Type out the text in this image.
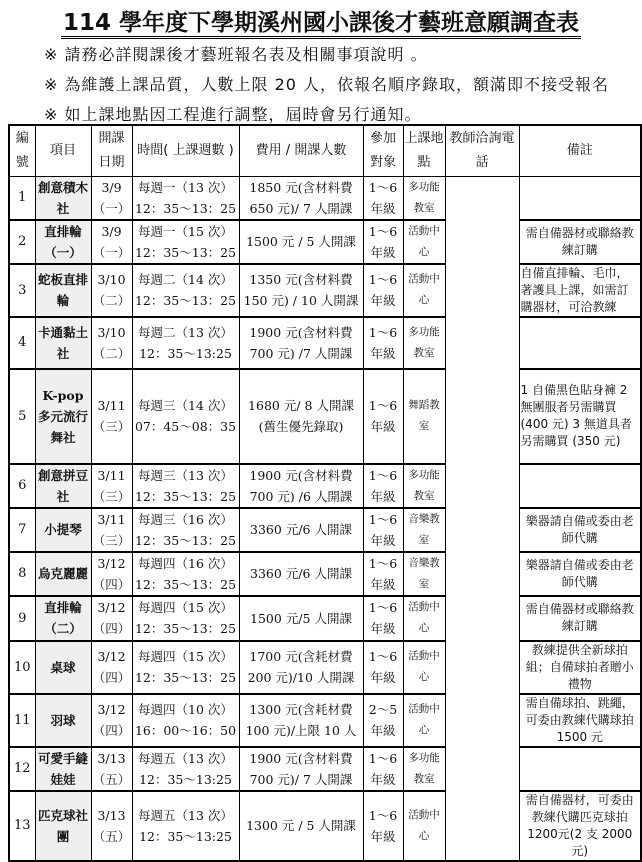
114 學年度下學期溪州國小課後才藝班意願調查表
※ 請務必詳閱課後才藝班報名表及相關事項說明 。
※ 為維護上課品質，人數上限 20 人，依報名順序錄取，額滿即不接受報名
※ 如上課地點因工程進行調整，屆時會另行通知。
編號	項目	開課日期	時間( 上課週數 )	費用 / 開課人數	參加對象	上課地點	教師洽詢電話	備註
1	創意積木社	3/9（一）	每週一（13 次）
12：35～13：25	1850 元(含材料費 650 元)/ 7 人開課	1～6 年級	多功能教室		
2	直排輪（一）	3/9（一）	每週一（15 次）
12：35～13：25	1500 元 / 5 人開課	1～6 年級	活動中心		需自備器材或聯絡教練訂購
3	蛇板直排輪	3/10（二）	每週二（14 次）
12：35～13：25	1350 元(含材料費 150 元) / 10 人開課	1～6 年級	活動中心		自備直排輪、毛巾，著護具上課，如需訂購器材，可洽教練
4	卡通黏土社	3/10（二）	每週二（13 次）
12：35～13:25	1900 元(含材料費 700 元) /7 人開課	1～6 年級	多功能教室		
5	K-pop 多元流行舞社	3/11（三）	每週三（14 次）
07：45～08：35	1680 元/ 8 人開課 (舊生優先錄取)	1～6 年級	舞蹈教室		1 自備黑色貼身褲 2 無團服者另需購買 (400 元) 3 無道具者另需購買 (350 元)
6	創意拼豆社	3/11（三）	每週三（13 次）
12：35～13：25	1900 元(含材料費 700 元) /6 人開課	1～6 年級	多功能教室		
7	小提琴	3/11（三）	每週三（16 次）
12：35～13：25	3360 元/6 人開課	1～6 年級	音樂教室		樂器請自備或委由老師代購
8	烏克麗麗	3/12（四）	每週四（16 次）
12：35～13：25	3360 元/6 人開課	1～6 年級	音樂教室		樂器請自備或委由老師代購
9	直排輪（二）	3/12（四）	每週四（15 次）
12：35～13：25	1500 元/5 人開課	1～6 年級	活動中心		需自備器材或聯絡教練訂購
10	桌球	3/12（四）	每週四（15 次）
12：35～13：25	1700 元(含耗材費 200 元)/10 人開課	1～6 年級	活動中心		教練提供全新球拍組；自備球拍者贈小禮物
11	羽球	3/12（四）	每週四（10 次）
16：00～16：50	1300 元(含耗材費 100 元)/上限 10 人	2～5 年級	活動中心		需自備球拍、跳繩，可委由教練代購球拍 1500 元
12	可愛手縫娃娃	3/13（五）	每週五（13 次）
12：35～13:25	1900 元(含材料費 700 元)/ 7 人開課	1～6 年級	多功能教室		
13	匹克球社團	3/13（五）	每週五（13 次）
12：35～13:25	1300 元 / 5 人開課	1～6 年級	活動中心		需自備器材，可委由教練代購匹克球拍 1200元(2 支 2000 元)
